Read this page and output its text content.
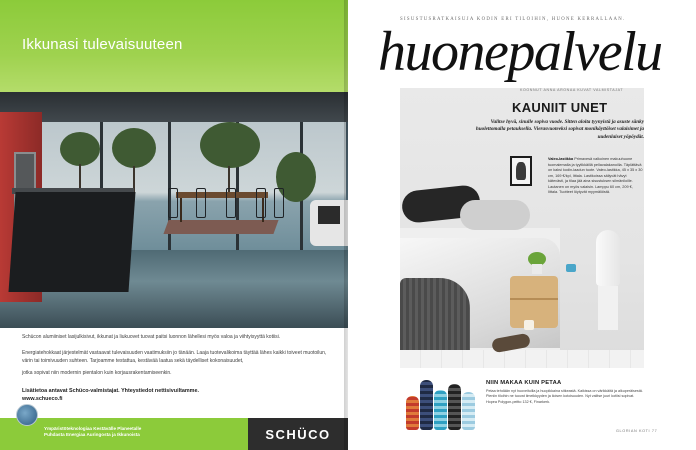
Ikkunasi tulevaisuuteen

Schücon alumiiniset lasijulkisivut, ikkunat ja liukuovet tuovat paitsi luonnon lähellesi myös valoa ja viihtyisyyttä kotiisi.

Energiatehokkaat järjestelmät vastaavat tulevaisuuden vaatimuksiin jo tänään. Laaja tuotevalikoima täyttää lähes kaikki toiveet muotoilun, värin tai toimivuuden suhteen. Tarjoamme testattua, kestävää laatua sekä täydelliset kokonaisuudet,

jotka sopivat niin modernin pientalon kuin korjausrakentamiseenkin.

Lisätietoa antavat Schüco-valmistajat. Yhteystiedot nettisivuiltamme.
www.schueco.fi
Ympäristöteknologiaa Kestävälle Planeetalle
Puhdasta Energiaa Auringosta ja Ikkunoista	SCHÜCO
SISUSTUSRATKAISUJA KODIN ERI TILOIHIN, HUONE KERRALLAAN.
huonepalvelu
KOONNUT ANNA ARONAA KUVAT VALMISTAJAT
KAUNIIT UNET
Valitse hyvä, sinulle sopiva vuode. Sitten aloita tyynyistä ja asuste sänky huolettomalla petauksella. Vierasvuoteeksi sopivat monikäyttöiset valaisimet ja uudenlaiset yöpöydät.
Valeo-lastikka Primavesä valkoinen makuuhuone tuomalemalla ja tyylikkäillä pellavalakanoilla. Täplättävä on kaksi kodin-laadun tuote. Valeo-lastikka, 45 x 35 x 30 cm, 169 €/kpl, Iittala. Lastikoissa säilyvät hävyt kätevästi, ja tilaa jää aina sisustuksen silmäniloille. Lautanen on myös valaisin. Lamppu 60 cm, 209 €, Iittala. Tuotteet löytyvät myymälöistä.
NIIN MAKAA KUIN PETAA
Petaa tehdään nyt huoveituilla ja huopikkaina sitkeastä. Kaikissa on värikkäitä ja alkuperäisestä. Pieniin tiloihin ne tuovat ilmeikkyyden ja iloisen kotoisuuden. Nyt valitse juuri kotiisi sopivat. Hopea Polygon-peitto 132 €, Finarkerk.
GLORIAN KOTI 77
